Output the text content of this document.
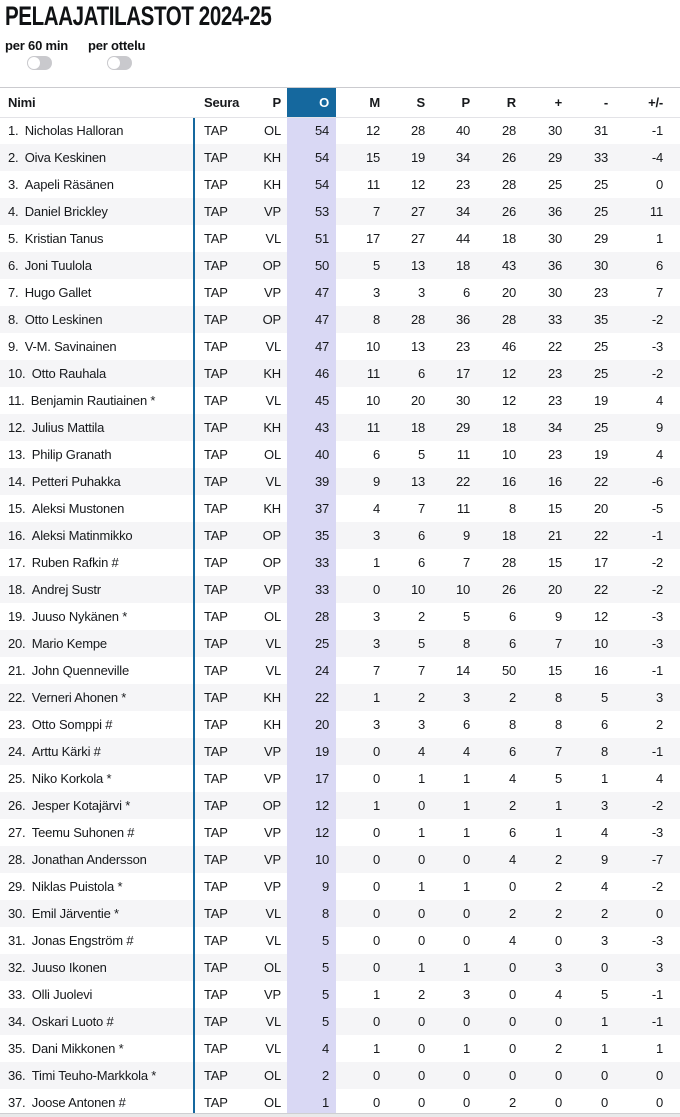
PELAAJATILASTOT 2024-25
per 60 min per ottelu
Nimi	Seura	P	O	M	S	P	R	+	-	+/-
1. Nicholas Halloran	TAP	OL	54	12	28	40	28	30	31	-1
2. Oiva Keskinen	TAP	KH	54	15	19	34	26	29	33	-4
3. Aapeli Räsänen	TAP	KH	54	11	12	23	28	25	25	0
4. Daniel Brickley	TAP	VP	53	7	27	34	26	36	25	11
5. Kristian Tanus	TAP	VL	51	17	27	44	18	30	29	1
6. Joni Tuulola	TAP	OP	50	5	13	18	43	36	30	6
7. Hugo Gallet	TAP	VP	47	3	3	6	20	30	23	7
8. Otto Leskinen	TAP	OP	47	8	28	36	28	33	35	-2
9. V-M. Savinainen	TAP	VL	47	10	13	23	46	22	25	-3
10. Otto Rauhala	TAP	KH	46	11	6	17	12	23	25	-2
11. Benjamin Rautiainen *	TAP	VL	45	10	20	30	12	23	19	4
12. Julius Mattila	TAP	KH	43	11	18	29	18	34	25	9
13. Philip Granath	TAP	OL	40	6	5	11	10	23	19	4
14. Petteri Puhakka	TAP	VL	39	9	13	22	16	16	22	-6
15. Aleksi Mustonen	TAP	KH	37	4	7	11	8	15	20	-5
16. Aleksi Matinmikko	TAP	OP	35	3	6	9	18	21	22	-1
17. Ruben Rafkin #	TAP	OP	33	1	6	7	28	15	17	-2
18. Andrej Sustr	TAP	VP	33	0	10	10	26	20	22	-2
19. Juuso Nykänen *	TAP	OL	28	3	2	5	6	9	12	-3
20. Mario Kempe	TAP	VL	25	3	5	8	6	7	10	-3
21. John Quenneville	TAP	VL	24	7	7	14	50	15	16	-1
22. Verneri Ahonen *	TAP	KH	22	1	2	3	2	8	5	3
23. Otto Somppi #	TAP	KH	20	3	3	6	8	8	6	2
24. Arttu Kärki #	TAP	VP	19	0	4	4	6	7	8	-1
25. Niko Korkola *	TAP	VP	17	0	1	1	4	5	1	4
26. Jesper Kotajärvi *	TAP	OP	12	1	0	1	2	1	3	-2
27. Teemu Suhonen #	TAP	VP	12	0	1	1	6	1	4	-3
28. Jonathan Andersson	TAP	VP	10	0	0	0	4	2	9	-7
29. Niklas Puistola *	TAP	VP	9	0	1	1	0	2	4	-2
30. Emil Järventie *	TAP	VL	8	0	0	0	2	2	2	0
31. Jonas Engström #	TAP	VL	5	0	0	0	4	0	3	-3
32. Juuso Ikonen	TAP	OL	5	0	1	1	0	3	0	3
33. Olli Juolevi	TAP	VP	5	1	2	3	0	4	5	-1
34. Oskari Luoto #	TAP	VL	5	0	0	0	0	0	1	-1
35. Dani Mikkonen *	TAP	VL	4	1	0	1	0	2	1	1
36. Timi Teuho-Markkola *	TAP	OL	2	0	0	0	0	0	0	0
37. Joose Antonen #	TAP	OL	1	0	0	0	2	0	0	0
